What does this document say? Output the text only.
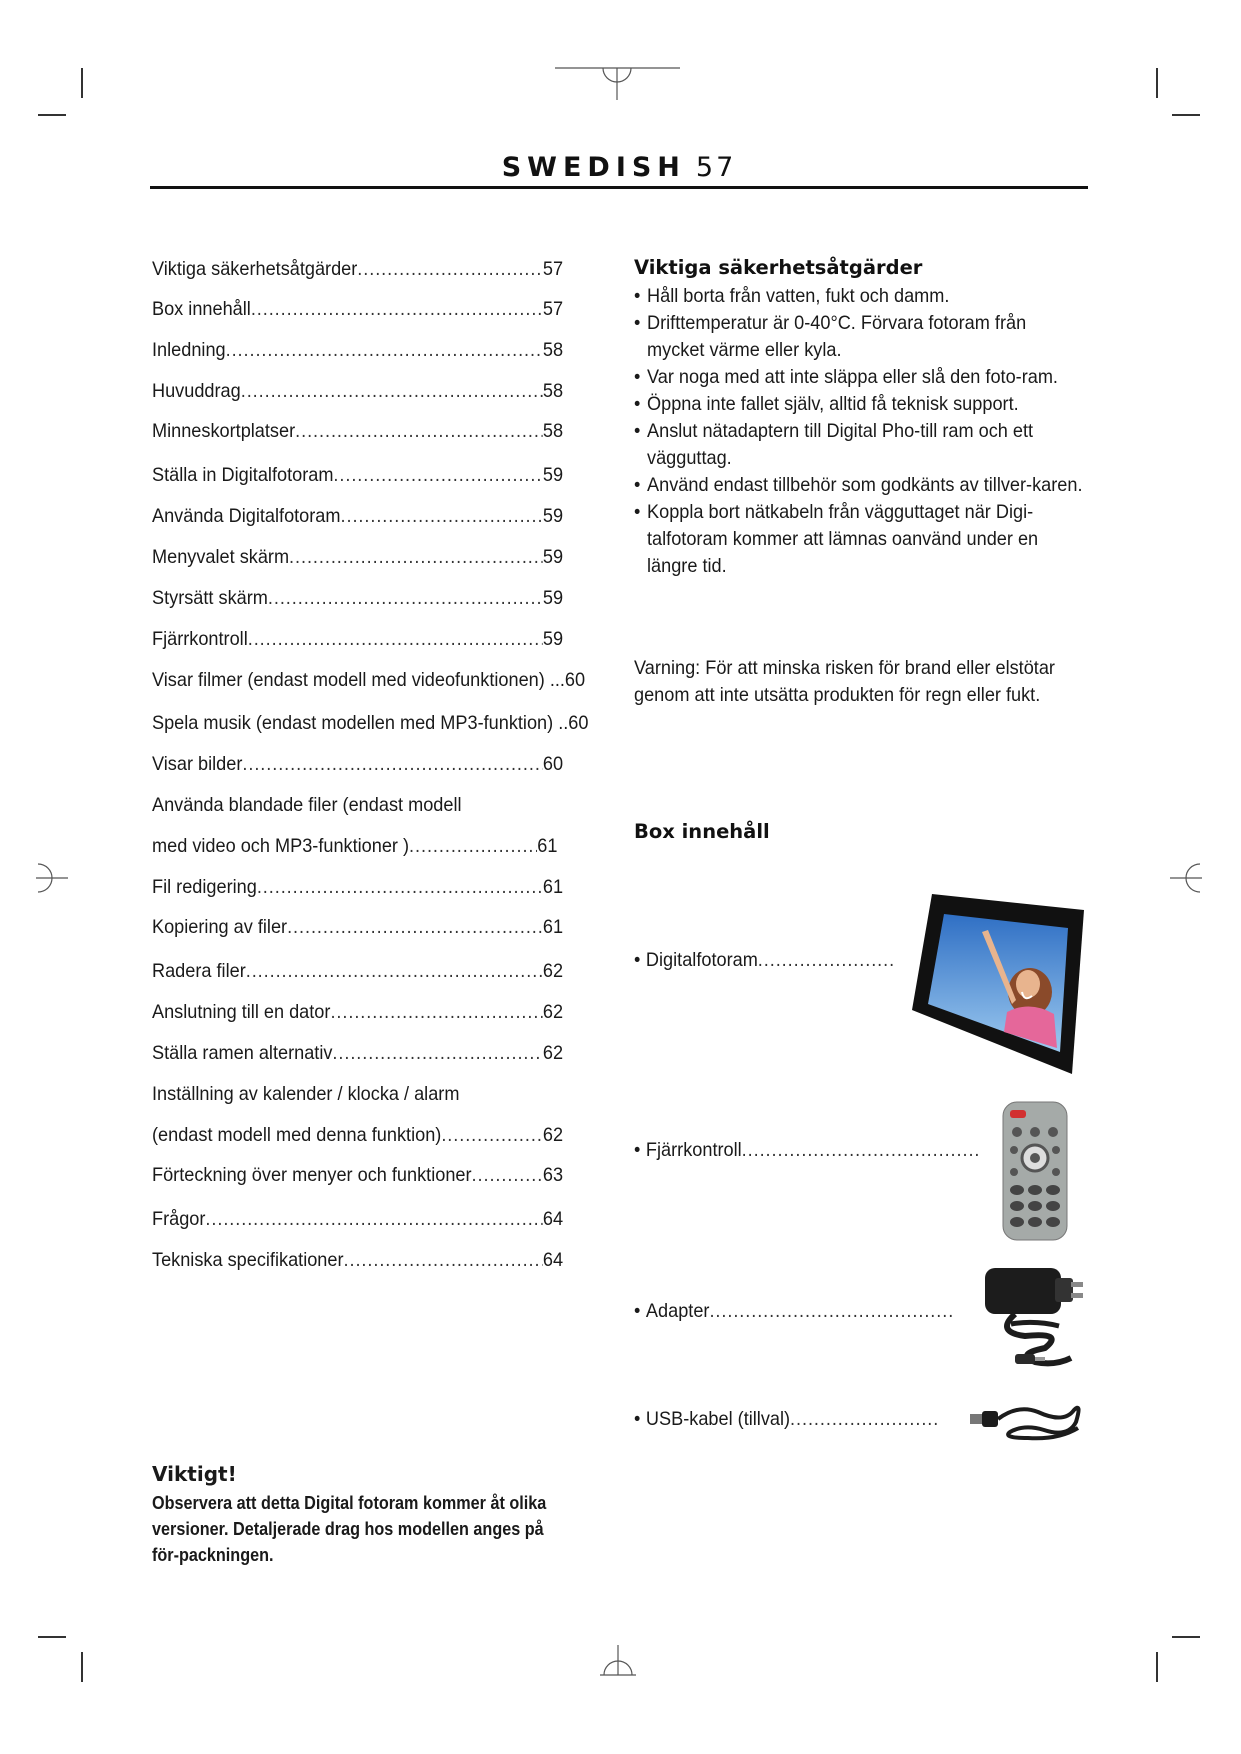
SWEDISH 57
Viktiga säkerhetsåtgärder .....	57
Box innehåll .....	57
Inledning .....	58
Huvuddrag .....	58
Minneskortplatser .....	58
Ställa in Digitalfotoram .....	59
Använda Digitalfotoram .....	59
Menyvalet skärm .....	59
Styrsätt skärm .....	59
Fjärrkontroll .....	59
Visar filmer (endast modell med videofunktionen) ...60
Spela musik (endast modellen med MP3-funktion) ..60
Visar bilder .....	60
Använda blandade filer (endast modell
med video och MP3-funktioner ) .....	61
Fil redigering .....	61
Kopiering av filer .....	61
Radera filer .....	62
Anslutning till en dator .....	62
Ställa ramen alternativ .....	62
Inställning av kalender / klocka / alarm
(endast modell med denna funktion) .....	62
Förteckning över menyer och funktioner .....	63
Frågor .....	64
Tekniska specifikationer .....	64
Viktiga säkerhetsåtgärder
• Håll borta från vatten, fukt och damm.
• Drifttemperatur är 0-40°C. Förvara fotoram från mycket värme eller kyla.
• Var noga med att inte släppa eller slå den foto-ram.
• Öppna inte fallet själv, alltid få teknisk support.
• Anslut nätadaptern till Digital Pho-till ram och ett vägguttag.
• Använd endast tillbehör som godkänts av tillver-karen.
• Koppla bort nätkabeln från vägguttaget när Digi-talfotoram kommer att lämnas oanvänd under en längre tid.
Varning: För att minska risken för brand eller elstötar genom att inte utsätta produkten för regn eller fukt.
Box innehåll
• Digitalfotoram
.....
• Fjärrkontroll
.....
• Adapter
.....
• USB-kabel (tillval)
.....
Viktigt!
Observera att detta Digital fotoram kommer åt olika versioner. Detaljerade drag hos modellen anges på för-packningen.
